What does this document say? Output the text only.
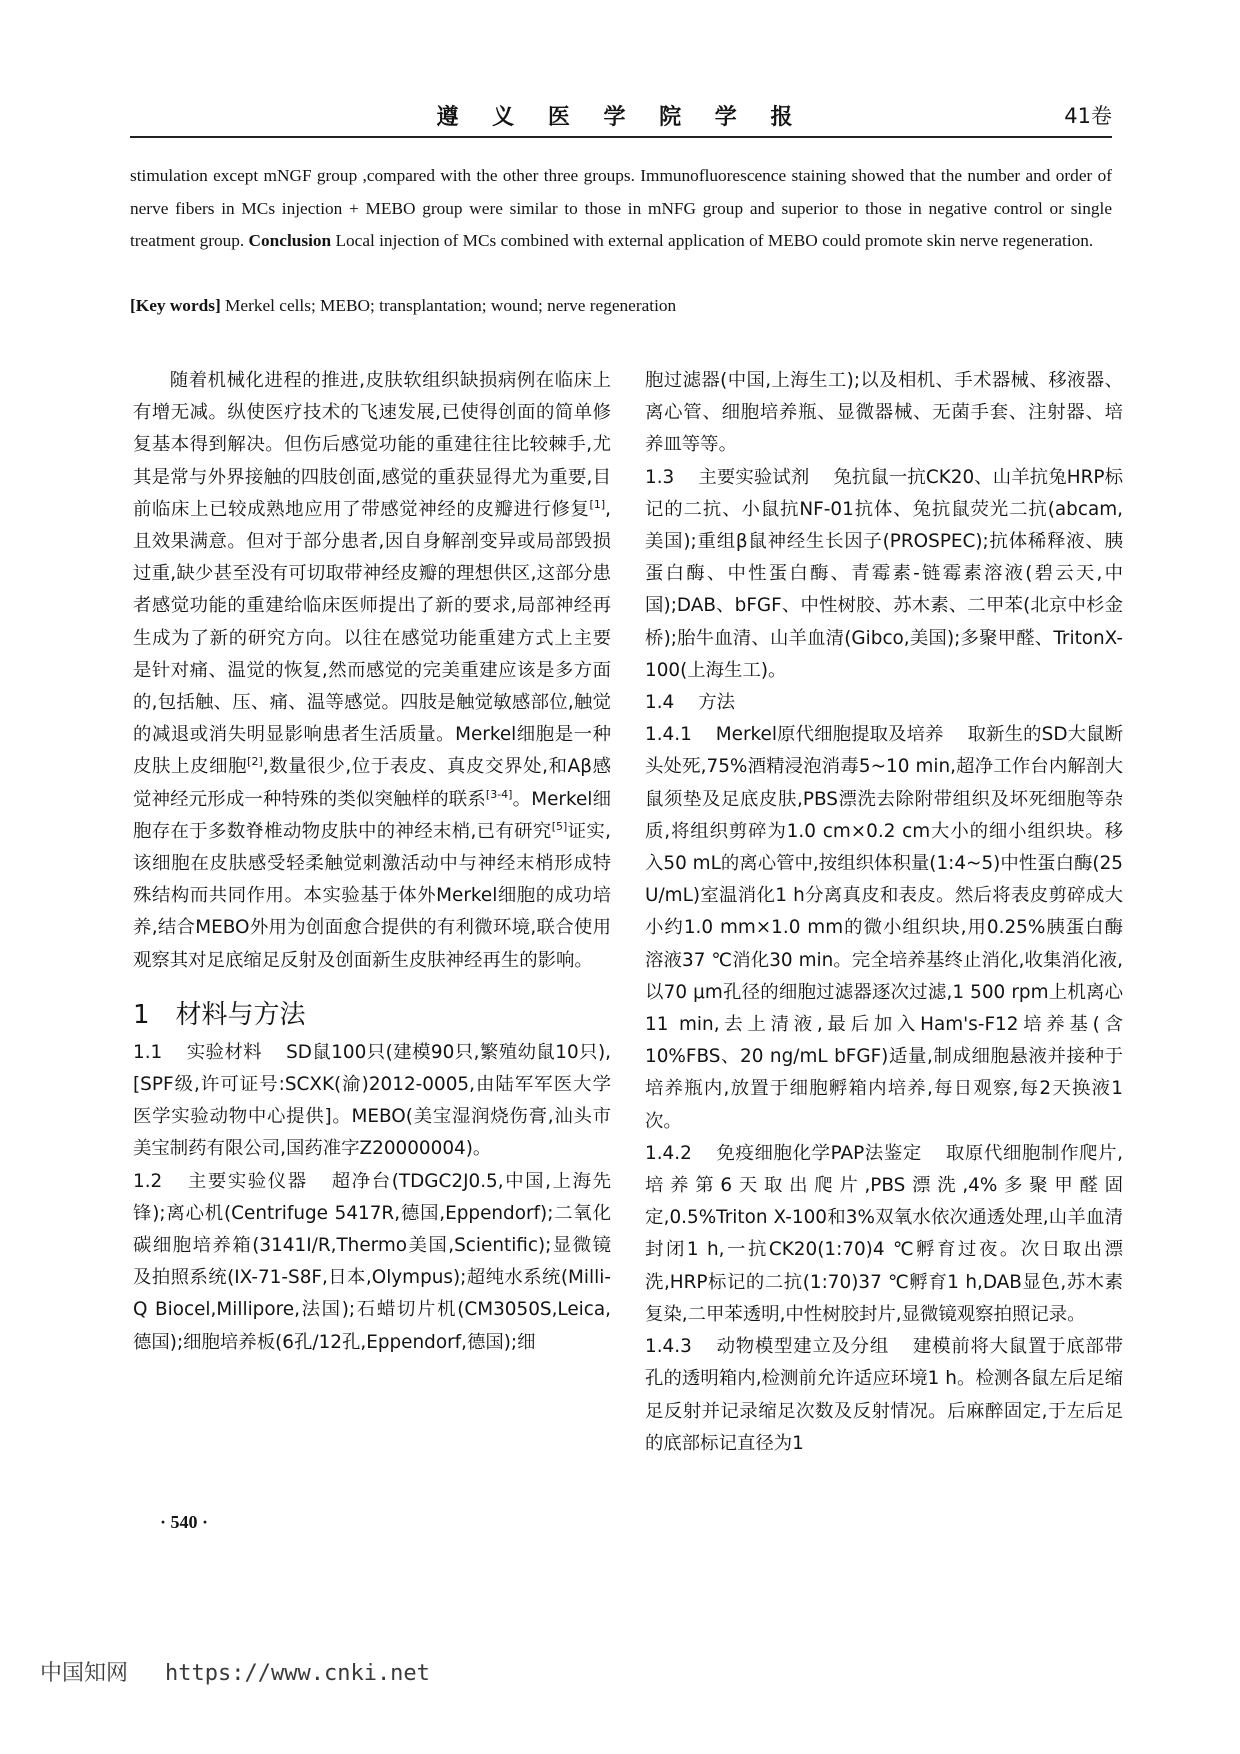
遵 义 医 学 院 学 报	41卷
stimulation except mNGF group ,compared with the other three groups. Immunofluorescence staining showed that the number and order of nerve fibers in MCs injection + MEBO group were similar to those in mNFG group and superior to those in negative control or single treatment group. Conclusion Local injection of MCs combined with external application of MEBO could promote skin nerve regeneration.
[Key words] Merkel cells; MEBO; transplantation; wound; nerve regeneration

随着机械化进程的推进,皮肤软组织缺损病例在临床上有增无减。纵使医疗技术的飞速发展,已使得创面的简单修复基本得到解决。但伤后感觉功能的重建往往比较棘手,尤其是常与外界接触的四肢创面,感觉的重获显得尤为重要,目前临床上已较成熟地应用了带感觉神经的皮瓣进行修复[1],且效果满意。但对于部分患者,因自身解剖变异或局部毁损过重,缺少甚至没有可切取带神经皮瓣的理想供区,这部分患者感觉功能的重建给临床医师提出了新的要求,局部神经再生成为了新的研究方向。以往在感觉功能重建方式上主要是针对痛、温觉的恢复,然而感觉的完美重建应该是多方面的,包括触、压、痛、温等感觉。四肢是触觉敏感部位,触觉的减退或消失明显影响患者生活质量。Merkel细胞是一种皮肤上皮细胞[2],数量很少,位于表皮、真皮交界处,和Aβ感觉神经元形成一种特殊的类似突触样的联系[3-4]。Merkel细胞存在于多数脊椎动物皮肤中的神经末梢,已有研究[5]证实,该细胞在皮肤感受轻柔触觉刺激活动中与神经末梢形成特殊结构而共同作用。本实验基于体外Merkel细胞的成功培养,结合MEBO外用为创面愈合提供的有利微环境,联合使用观察其对足底缩足反射及创面新生皮肤神经再生的影响。

1 材料与方法

1.1 实验材料 SD鼠100只(建模90只,繁殖幼鼠10只),[SPF级,许可证号:SCXK(渝)2012-0005,由陆军军医大学医学实验动物中心提供]。MEBO(美宝湿润烧伤膏,汕头市美宝制药有限公司,国药准字Z20000004)。

1.2 主要实验仪器 超净台(TDGC2J0.5,中国,上海先锋);离心机(Centrifuge 5417R,德国,Eppendorf);二氧化碳细胞培养箱(3141I/R,Thermo美国,Scientific);显微镜及拍照系统(IX-71-S8F,日本,Olympus);超纯水系统(Milli-Q Biocel,Millipore,法国);石蜡切片机(CM3050S,Leica,德国);细胞培养板(6孔/12孔,Eppendorf,德国);细

胞过滤器(中国,上海生工);以及相机、手术器械、移液器、离心管、细胞培养瓶、显微器械、无菌手套、注射器、培养皿等等。

1.3 主要实验试剂 兔抗鼠一抗CK20、山羊抗兔HRP标记的二抗、小鼠抗NF-01抗体、兔抗鼠荧光二抗(abcam,美国);重组β鼠神经生长因子(PROSPEC);抗体稀释液、胰蛋白酶、中性蛋白酶、青霉素-链霉素溶液(碧云天,中国);DAB、bFGF、中性树胶、苏木素、二甲苯(北京中杉金桥);胎牛血清、山羊血清(Gibco,美国);多聚甲醛、TritonX-100(上海生工)。

1.4 方法

1.4.1 Merkel原代细胞提取及培养 取新生的SD大鼠断头处死,75%酒精浸泡消毒5~10 min,超净工作台内解剖大鼠须垫及足底皮肤,PBS漂洗去除附带组织及坏死细胞等杂质,将组织剪碎为1.0 cm×0.2 cm大小的细小组织块。移入50 mL的离心管中,按组织体积量(1:4~5)中性蛋白酶(25 U/mL)室温消化1 h分离真皮和表皮。然后将表皮剪碎成大小约1.0 mm×1.0 mm的微小组织块,用0.25%胰蛋白酶溶液37 ℃消化30 min。完全培养基终止消化,收集消化液,以70 μm孔径的细胞过滤器逐次过滤,1 500 rpm上机离心11 min,去上清液,最后加入Ham's-F12培养基(含10%FBS、20 ng/mL bFGF)适量,制成细胞悬液并接种于培养瓶内,放置于细胞孵箱内培养,每日观察,每2天换液1次。

1.4.2 免疫细胞化学PAP法鉴定 取原代细胞制作爬片,培养第6天取出爬片,PBS漂洗,4%多聚甲醛固定,0.5%Triton X-100和3%双氧水依次通透处理,山羊血清封闭1 h,一抗CK20(1:70)4 ℃孵育过夜。次日取出漂洗,HRP标记的二抗(1:70)37 ℃孵育1 h,DAB显色,苏木素复染,二甲苯透明,中性树胶封片,显微镜观察拍照记录。

1.4.3 动物模型建立及分组 建模前将大鼠置于底部带孔的透明箱内,检测前允许适应环境1 h。检测各鼠左后足缩足反射并记录缩足次数及反射情况。后麻醉固定,于左后足的底部标记直径为1

· 540 ·
中国知网 https://www.cnki.net
